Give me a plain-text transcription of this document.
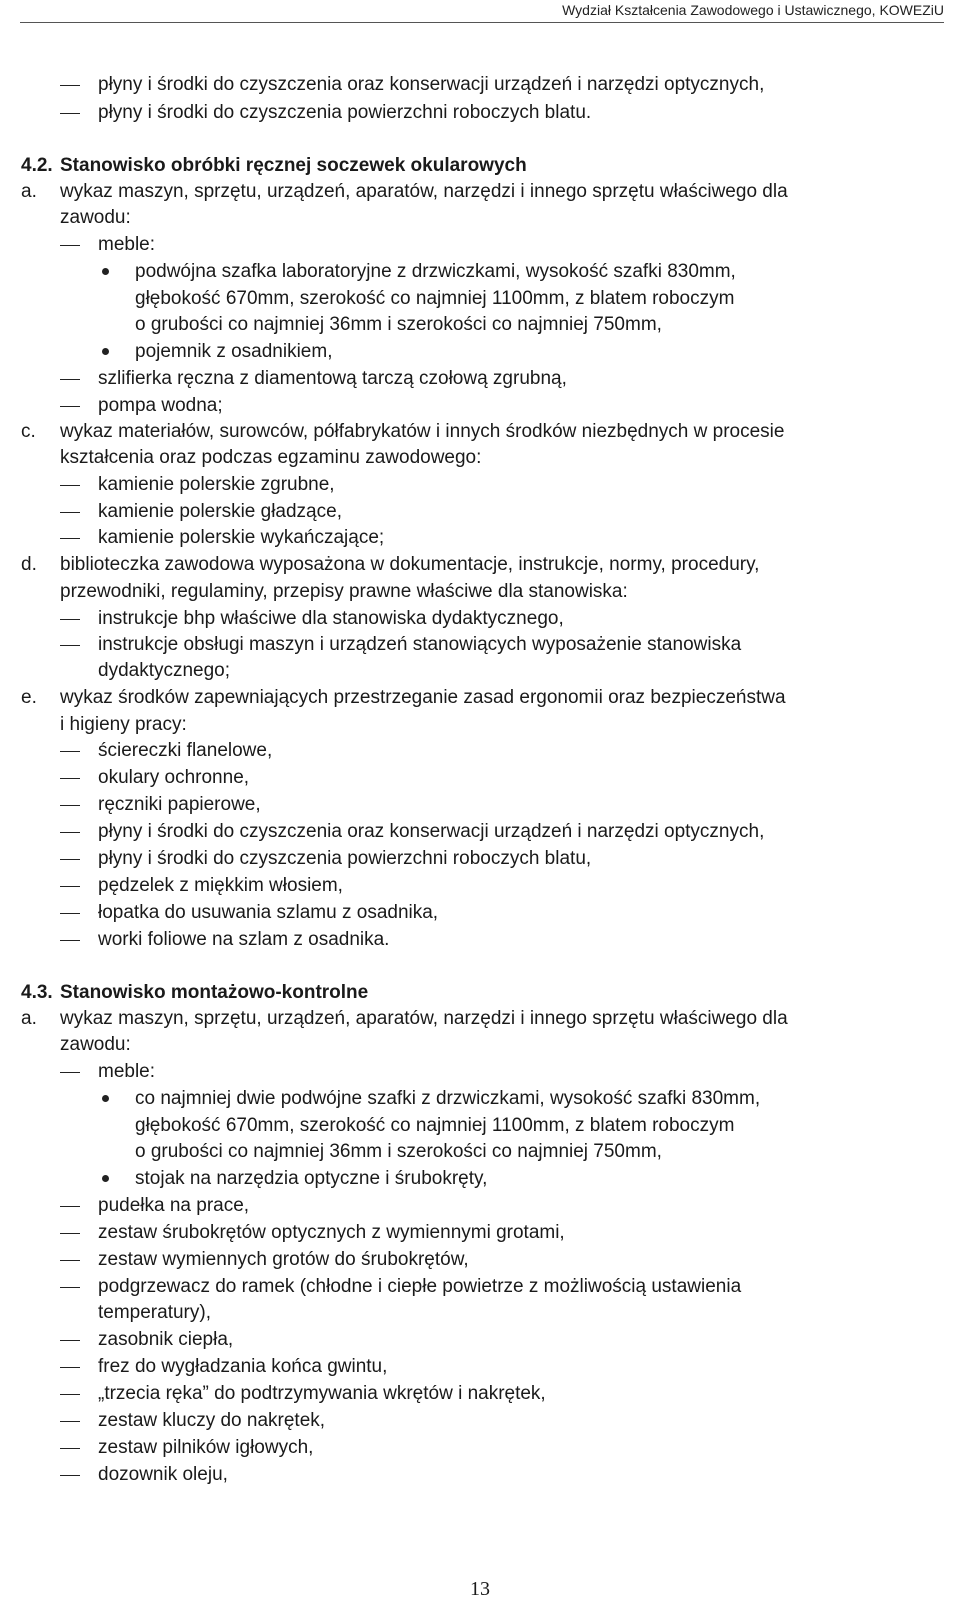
Wydział Kształcenia Zawodowego i Ustawicznego, KOWEZiU
płyny i środki do czyszczenia oraz konserwacji urządzeń i narzędzi optycznych,
płyny i środki do czyszczenia powierzchni roboczych blatu.
4.2. Stanowisko obróbki ręcznej soczewek okularowych
a. wykaz maszyn, sprzętu, urządzeń, aparatów, narzędzi i innego sprzętu właściwego dla
zawodu:
meble:
podwójna szafka laboratoryjne z drzwiczkami, wysokość szafki 830mm,
głębokość 670mm, szerokość co najmniej 1100mm, z blatem roboczym
o grubości co najmniej 36mm i szerokości co najmniej 750mm,
pojemnik z osadnikiem,
szlifierka ręczna z diamentową tarczą czołową zgrubną,
pompa wodna;
c. wykaz materiałów, surowców, półfabrykatów i innych środków niezbędnych w procesie
kształcenia oraz podczas egzaminu zawodowego:
kamienie polerskie zgrubne,
kamienie polerskie gładzące,
kamienie polerskie wykańczające;
d. biblioteczka zawodowa wyposażona w dokumentacje, instrukcje, normy, procedury,
przewodniki, regulaminy, przepisy prawne właściwe dla stanowiska:
instrukcje bhp właściwe dla stanowiska dydaktycznego,
instrukcje obsługi maszyn i urządzeń stanowiących wyposażenie stanowiska
dydaktycznego;
e. wykaz środków zapewniających przestrzeganie zasad ergonomii oraz bezpieczeństwa
i higieny pracy:
ściereczki flanelowe,
okulary ochronne,
ręczniki papierowe,
płyny i środki do czyszczenia oraz konserwacji urządzeń i narzędzi optycznych,
płyny i środki do czyszczenia powierzchni roboczych blatu,
pędzelek z miękkim włosiem,
łopatka do usuwania szlamu z osadnika,
worki foliowe na szlam z osadnika.
4.3. Stanowisko montażowo-kontrolne
a. wykaz maszyn, sprzętu, urządzeń, aparatów, narzędzi i innego sprzętu właściwego dla
zawodu:
meble:
co najmniej dwie podwójne szafki z drzwiczkami, wysokość szafki 830mm,
głębokość 670mm, szerokość co najmniej 1100mm, z blatem roboczym
o grubości co najmniej 36mm i szerokości co najmniej 750mm,
stojak na narzędzia optyczne i śrubokręty,
pudełka na prace,
zestaw śrubokrętów optycznych z wymiennymi grotami,
zestaw wymiennych grotów do śrubokrętów,
podgrzewacz do ramek (chłodne i ciepłe powietrze z możliwością ustawienia
temperatury),
zasobnik ciepła,
frez do wygładzania końca gwintu,
„trzecia ręka” do podtrzymywania wkrętów i nakrętek,
zestaw kluczy do nakrętek,
zestaw pilników igłowych,
dozownik oleju,
13
